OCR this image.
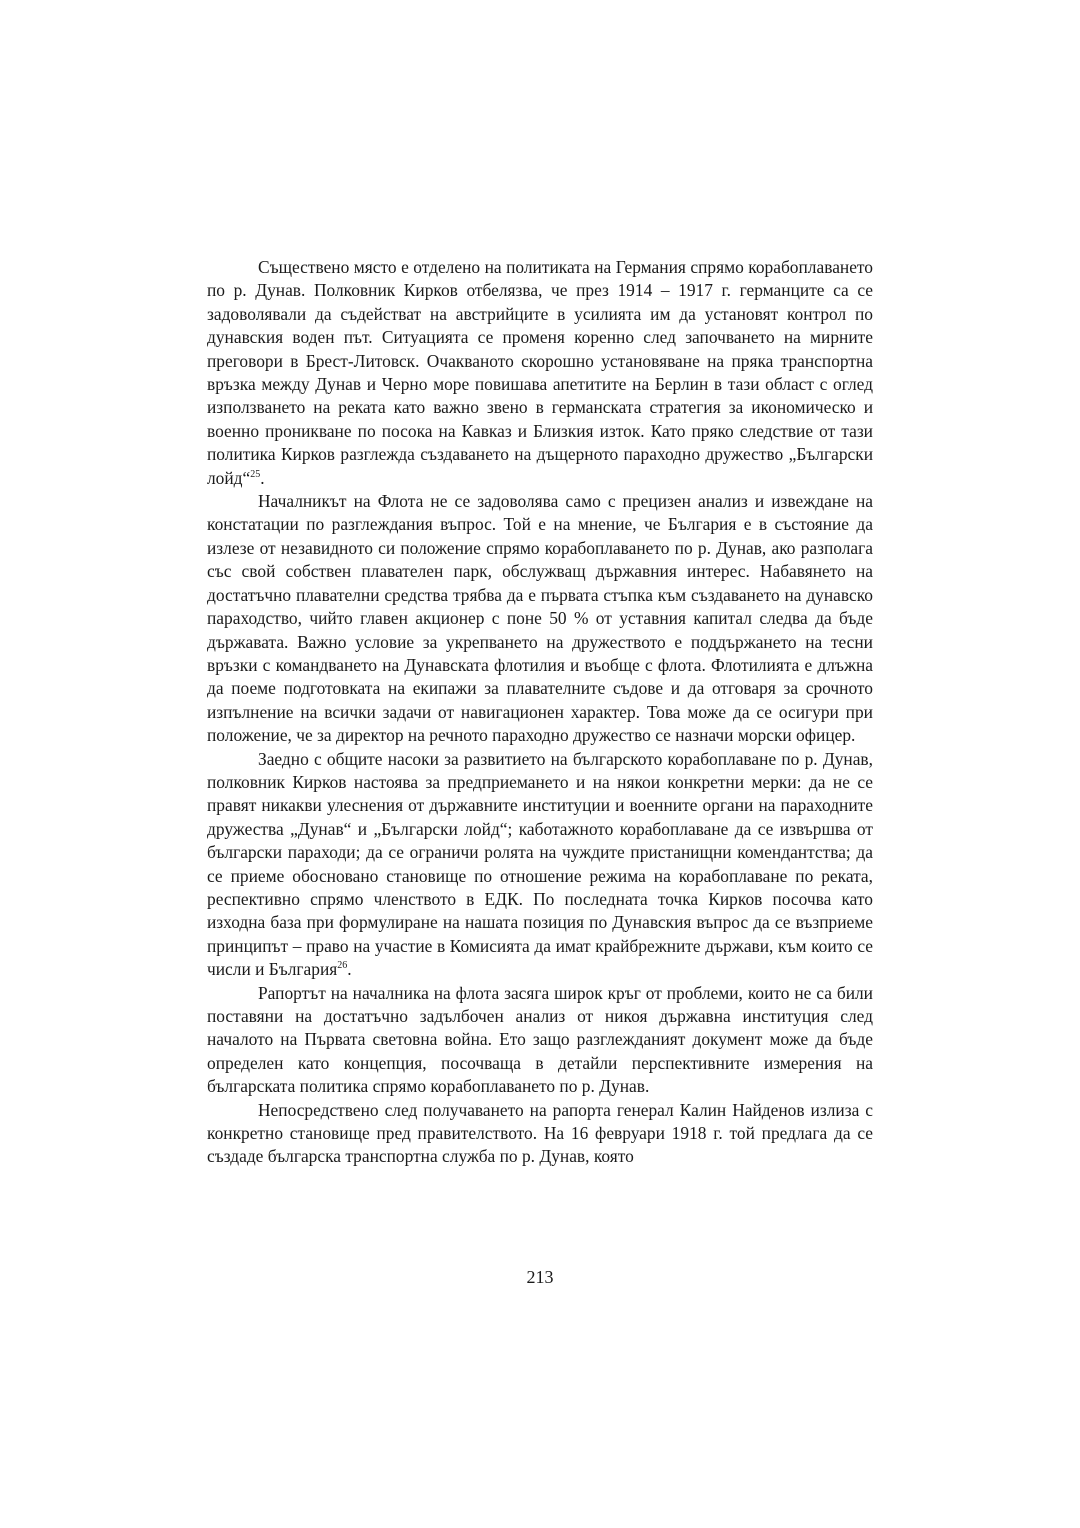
Съществено място е отделено на политиката на Германия спрямо корабоплаването по р. Дунав. Полковник Кирков отбелязва, че през 1914 – 1917 г. германците са се задоволявали да съдействат на австрийците в усилията им да установят контрол по дунавския воден път. Ситуацията се променя коренно след започването на мирните преговори в Брест-Литовск. Очакваното скорошно установяване на пряка транспортна връзка между Дунав и Черно море повишава апетитите на Берлин в тази област с оглед използването на реката като важно звено в германската стратегия за икономическо и военно проникване по посока на Кавказ и Близкия изток. Като пряко следствие от тази политика Кирков разглежда създаването на дъщерното параходно дружество „Български лойд“$^{25}$.

Началникът на Флота не се задоволява само с прецизен анализ и извеждане на констатации по разглеждания въпрос. Той е на мнение, че България е в състояние да излезе от незавидното си положение спрямо корабоплаването по р. Дунав, ако разполага със свой собствен плавателен парк, обслужващ държавния интерес. Набавянето на достатъчно плавателни средства трябва да е първата стъпка към създаването на дунавско параходство, чийто главен акционер с поне 50 % от уставния капитал следва да бъде държавата. Важно условие за укрепването на дружеството е поддържането на тесни връзки с командването на Дунавската флотилия и въобще с флота. Флотилията е длъжна да поеме подготовката на екипажи за плавателните съдове и да отговаря за срочното изпълнение на всички задачи от навигационен характер. Това може да се осигури при положение, че за директор на речното параходно дружество се назначи морски офицер.

Заедно с общите насоки за развитието на българското корабоплаване по р. Дунав, полковник Кирков настоява за предприемането и на някои конкретни мерки: да не се правят никакви улеснения от държавните институции и военните органи на параходните дружества „Дунав“ и „Български лойд“; каботажното корабоплаване да се извършва от български параходи; да се ограничи ролята на чуждите пристанищни комендантства; да се приеме обосновано становище по отношение режима на корабоплаване по реката, респективно спрямо членството в ЕДК. По последната точка Кирков посочва като изходна база при формулиране на нашата позиция по Дунавския въпрос да се възприеме принципът – право на участие в Комисията да имат крайбрежните държави, към които се числи и България$^{26}$.

Рапортът на началника на флота засяга широк кръг от проблеми, които не са били поставяни на достатъчно задълбочен анализ от никоя държавна институция след началото на Първата световна война. Ето защо разглежданият документ може да бъде определен като концепция, посочваща в детайли перспективните измерения на българската политика спрямо корабоплаването по р. Дунав.

Непосредствено след получаването на рапорта генерал Калин Найденов излиза с конкретно становище пред правителството. На 16 февруари 1918 г. той предлага да се създаде българска транспортна служба по р. Дунав, която

213
